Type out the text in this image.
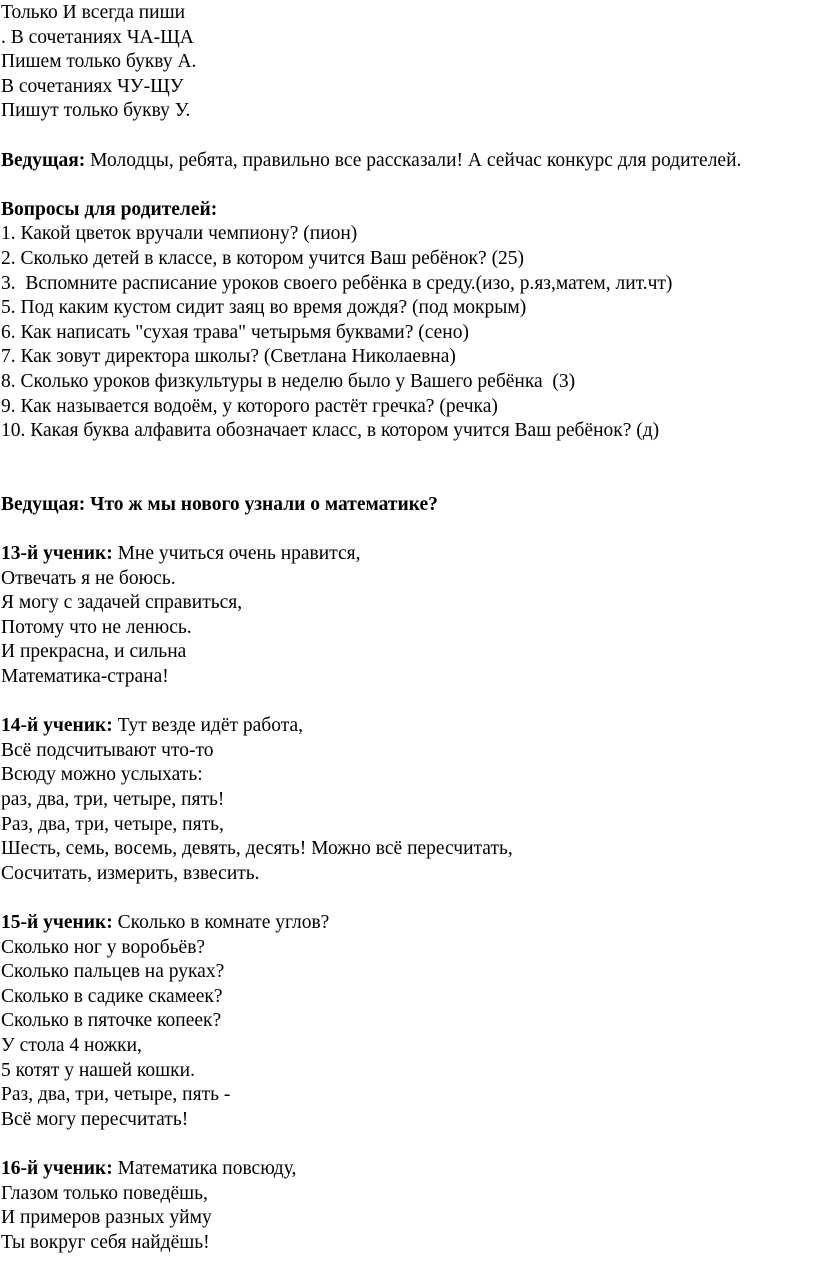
Только И всегда пиши
. В сочетаниях ЧА-ЩА
Пишем только букву А.
В сочетаниях ЧУ-ЩУ
Пишут только букву У.
Ведущая: Молодцы, ребята, правильно все рассказали! А сейчас конкурс для родителей.
Вопросы для родителей:
1. Какой цветок вручали чемпиону? (пион)
2. Сколько детей в классе, в котором учится Ваш ребёнок? (25)
3.  Вспомните расписание уроков своего ребёнка в среду.(изо, р.яз,матем, лит.чт)
5. Под каким кустом сидит заяц во время дождя? (под мокрым)
6. Как написать "сухая трава" четырьмя буквами? (сено)
7. Как зовут директора школы? (Светлана Николаевна)
8. Сколько уроков физкультуры в неделю было у Вашего ребёнка  (3)
9. Как называется водоём, у которого растёт гречка? (речка)
10. Какая буква алфавита обозначает класс, в котором учится Ваш ребёнок? (д)
Ведущая: Что ж мы нового узнали о математике?
13-й ученик: Мне учиться очень нравится,
Отвечать я не боюсь.
Я могу с задачей справиться,
Потому что не ленюсь.
И прекрасна, и сильна
Математика-страна!
14-й ученик: Тут везде идёт работа,
Всё подсчитывают что-то
Всюду можно услыхать:
раз, два, три, четыре, пять!
Раз, два, три, четыре, пять,
Шесть, семь, восемь, девять, десять! Можно всё пересчитать,
Сосчитать, измерить, взвесить.
15-й ученик: Сколько в комнате углов?
Сколько ног у воробьёв?
Сколько пальцев на руках?
Сколько в садике скамеек?
Сколько в пяточке копеек?
У стола 4 ножки,
5 котят у нашей кошки.
Раз, два, три, четыре, пять -
Всё могу пересчитать!
16-й ученик: Математика повсюду,
Глазом только поведёшь,
И примеров разных уйму
Ты вокруг себя найдёшь!
